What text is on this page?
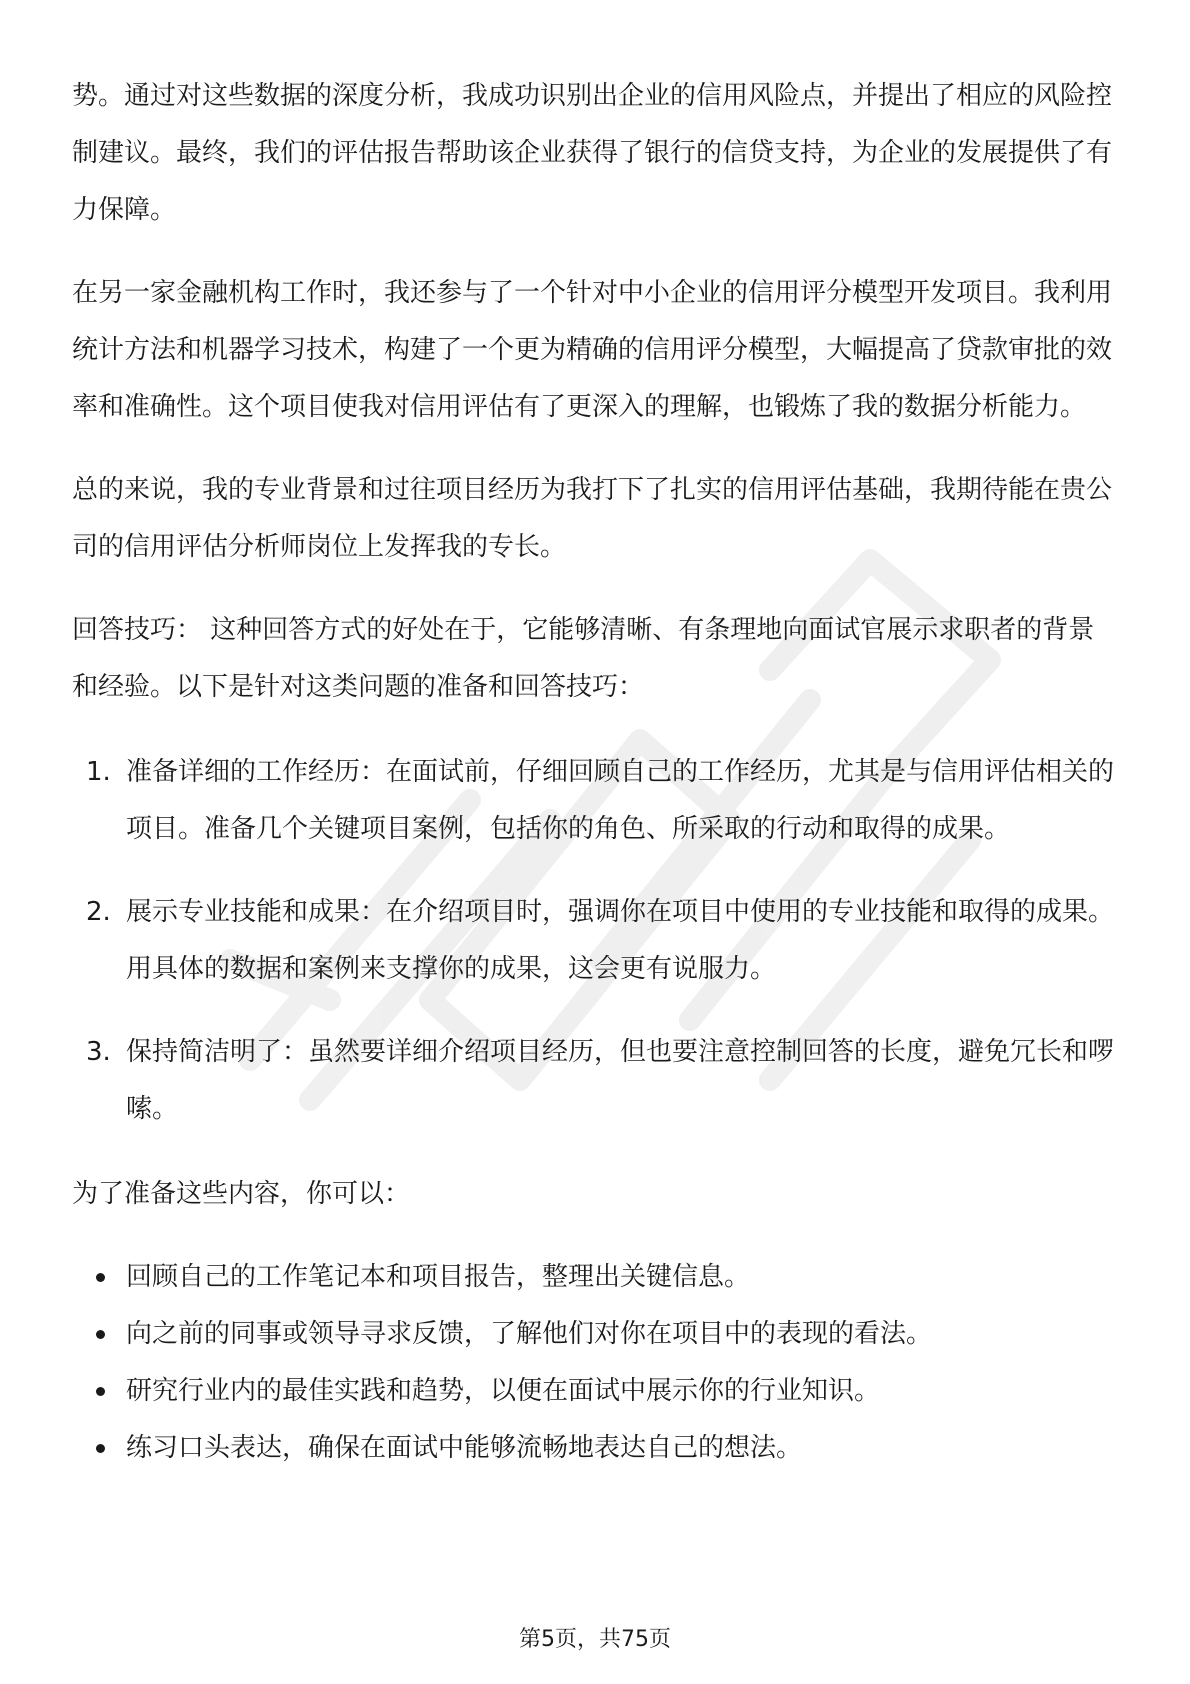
势。通过对这些数据的深度分析，我成功识别出企业的信用风险点，并提出了相应的风险控制建议。最终，我们的评估报告帮助该企业获得了银行的信贷支持，为企业的发展提供了有力保障。

在另一家金融机构工作时，我还参与了一个针对中小企业的信用评分模型开发项目。我利用统计方法和机器学习技术，构建了一个更为精确的信用评分模型，大幅提高了贷款审批的效率和准确性。这个项目使我对信用评估有了更深入的理解，也锻炼了我的数据分析能力。

总的来说，我的专业背景和过往项目经历为我打下了扎实的信用评估基础，我期待能在贵公司的信用评估分析师岗位上发挥我的专长。

回答技巧： 这种回答方式的好处在于，它能够清晰、有条理地向面试官展示求职者的背景和经验。以下是针对这类问题的准备和回答技巧：

1. 准备详细的工作经历：在面试前，仔细回顾自己的工作经历，尤其是与信用评估相关的项目。准备几个关键项目案例，包括你的角色、所采取的行动和取得的成果。
2. 展示专业技能和成果：在介绍项目时，强调你在项目中使用的专业技能和取得的成果。用具体的数据和案例来支撑你的成果，这会更有说服力。
3. 保持简洁明了：虽然要详细介绍项目经历，但也要注意控制回答的长度，避免冗长和啰嗦。

为了准备这些内容，你可以：

回顾自己的工作笔记本和项目报告，整理出关键信息。
向之前的同事或领导寻求反馈，了解他们对你在项目中的表现的看法。
研究行业内的最佳实践和趋势，以便在面试中展示你的行业知识。
练习口头表达，确保在面试中能够流畅地表达自己的想法。
第5页，共75页
